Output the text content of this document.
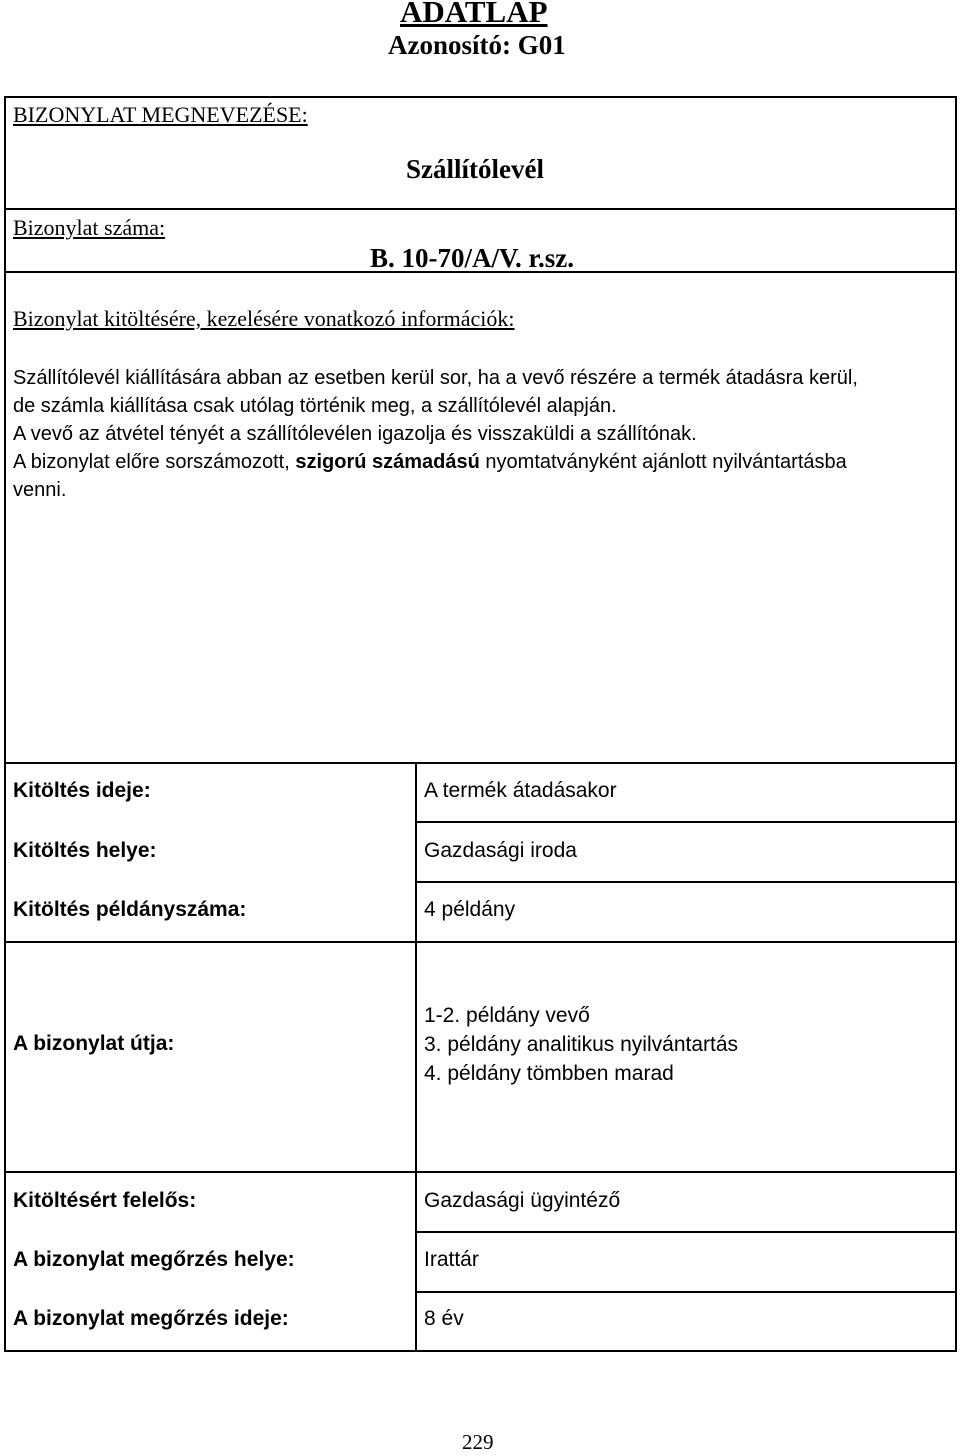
ADATLAP
Azonosító: G01
BIZONYLAT MEGNEVEZÉSE:
Szállítólevél
Bizonylat száma:
B. 10-70/A/V. r.sz.
Bizonylat kitöltésére, kezelésére vonatkozó információk:
Szállítólevél kiállítására abban az esetben kerül sor, ha a vevő részére a termék átadásra kerül,
de számla kiállítása csak utólag történik meg, a szállítólevél alapján.
A vevő az átvétel tényét a szállítólevélen igazolja és visszaküldi a szállítónak.
A bizonylat előre sorszámozott, szigorú számadású nyomtatványként ajánlott nyilvántartásba
venni.
Kitöltés ideje:	A termék átadásakor
Kitöltés helye:	Gazdasági iroda
Kitöltés példányszáma:	4 példány
A bizonylat útja:
1-2. példány vevő
3. példány analitikus nyilvántartás
4. példány tömbben marad
Kitöltésért felelős:	Gazdasági ügyintéző
A bizonylat megőrzés helye:	Irattár
A bizonylat megőrzés ideje:	8 év
229
